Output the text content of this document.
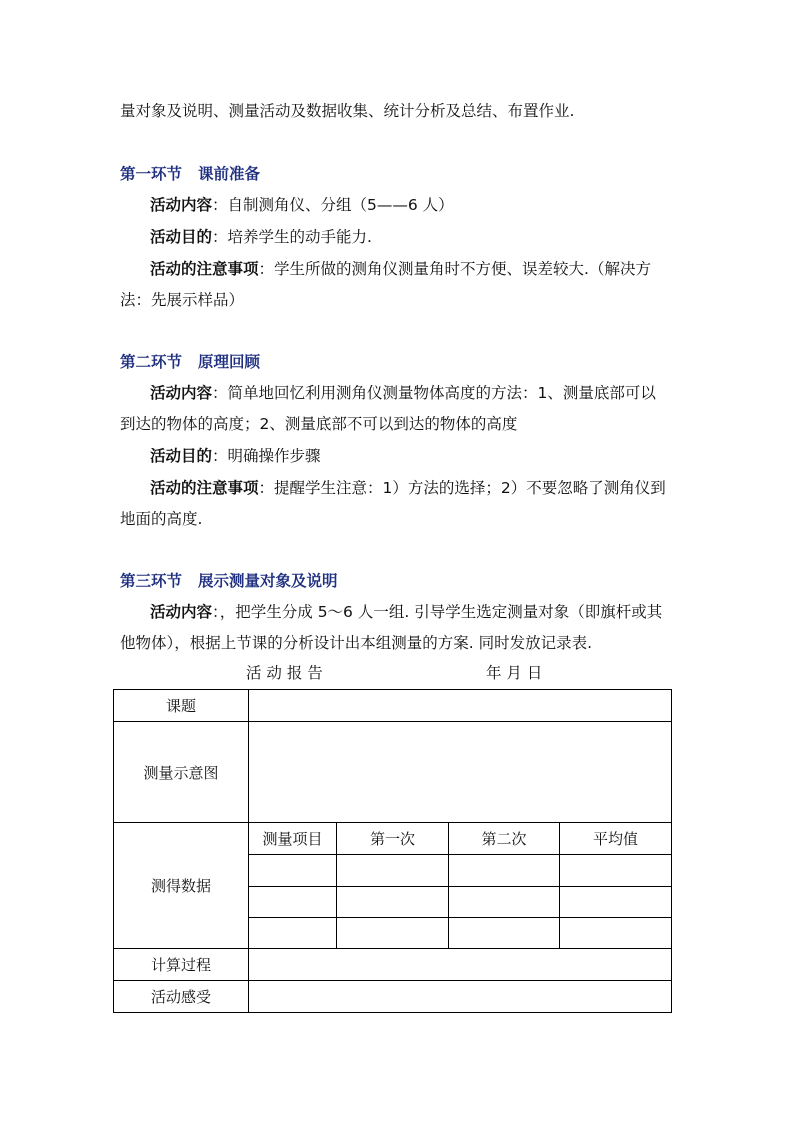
量对象及说明、测量活动及数据收集、统计分析及总结、布置作业.
第一环节 课前准备
活动内容：自制测角仪、分组（5——6 人）
活动目的：培养学生的动手能力.
活动的注意事项：学生所做的测角仪测量角时不方便、误差较大.（解决方
法：先展示样品）
第二环节 原理回顾
活动内容：简单地回忆利用测角仪测量物体高度的方法：1、测量底部可以
到达的物体的高度；2、测量底部不可以到达的物体的高度
活动目的：明确操作步骤
活动的注意事项：提醒学生注意：1）方法的选择；2）不要忽略了测角仪到
地面的高度.
第三环节 展示测量对象及说明
活动内容：，把学生分成 5～6 人一组. 引导学生选定测量对象（即旗杆或其
他物体），根据上节课的分析设计出本组测量的方案. 同时发放记录表.
活 动 报 告	年 月 日
课题				
测量示意图				
测得数据	测量项目	第一次	第二次	平均值

计算过程				
活动感受				
